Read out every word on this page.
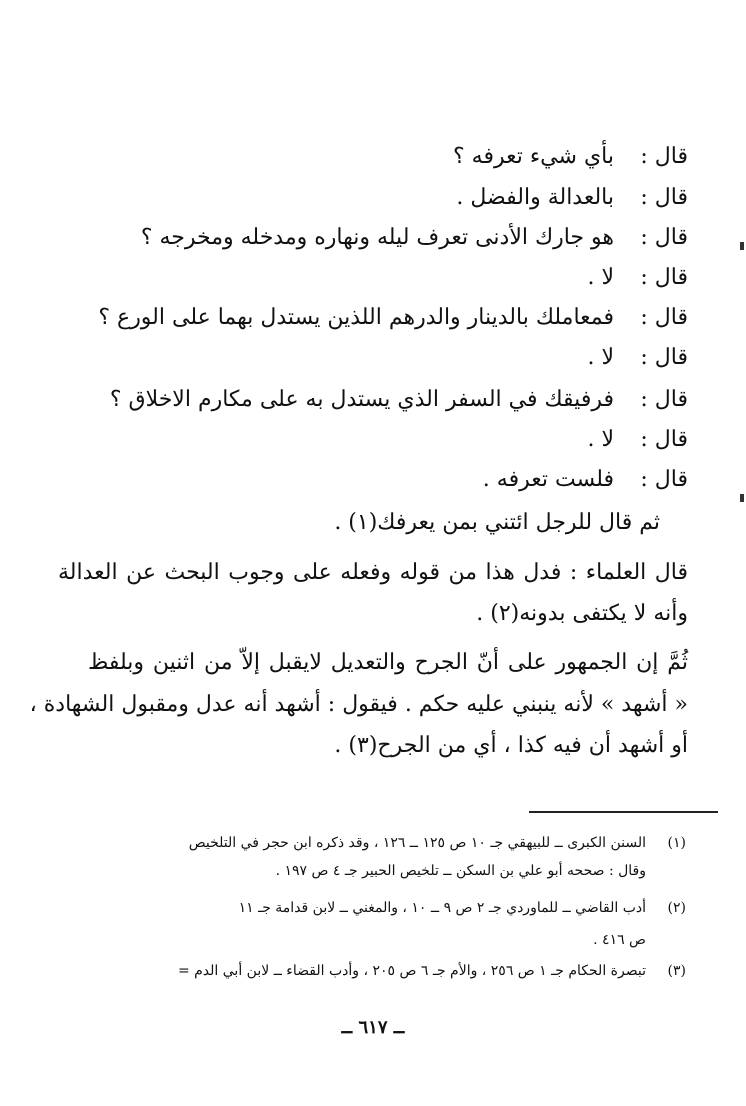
قال :بأي شيء تعرفه ؟
قال :بالعدالة والفضل .
قال :هو جارك الأدنى تعرف ليله ونهاره ومدخله ومخرجه ؟
قال :لا .
قال :فمعاملك بالدينار والدرهم اللذين يستدل بهما على الورع ؟
قال :لا .
قال :فرفيقك في السفر الذي يستدل به على مكارم الاخلاق ؟
قال :لا .
قال :فلست تعرفه .
ثم قال للرجل ائتني بمن يعرفك(١) .
قال العلماء : فدل هذا من قوله وفعله على وجوب البحث عن العدالة
وأنه لا يكتفى بدونه(٢) .
ثُمَّ إن الجمهور على أنّ الجرح والتعديل لايقبل إلاّ من اثنين وبلفظ
« أشهد » لأنه ينبني عليه حكم . فيقول : أشهد أنه عدل ومقبول الشهادة ،
أو أشهد أن فيه كذا ، أي من الجرح(٣) .
(١)السنن الكبرى ــ للبيهقي جـ ١٠ ص ١٢٥ ــ ١٢٦ ، وقد ذكره ابن حجر في التلخيص
وقال : صححه أبو علي بن السكن ــ تلخيص الحبير جـ ٤ ص ١٩٧ .
(٢)أدب القاضي ــ للماوردي جـ ٢ ص ٩ ــ ١٠ ، والمغني ــ لابن قدامة جـ ١١
ص ٤١٦ .
(٣)تبصرة الحكام جـ ١ ص ٢٥٦ ، والأم جـ ٦ ص ٢٠٥ ، وأدب القضاء ــ لابن أبي الدم =
ــ ٦١٧ ــ
